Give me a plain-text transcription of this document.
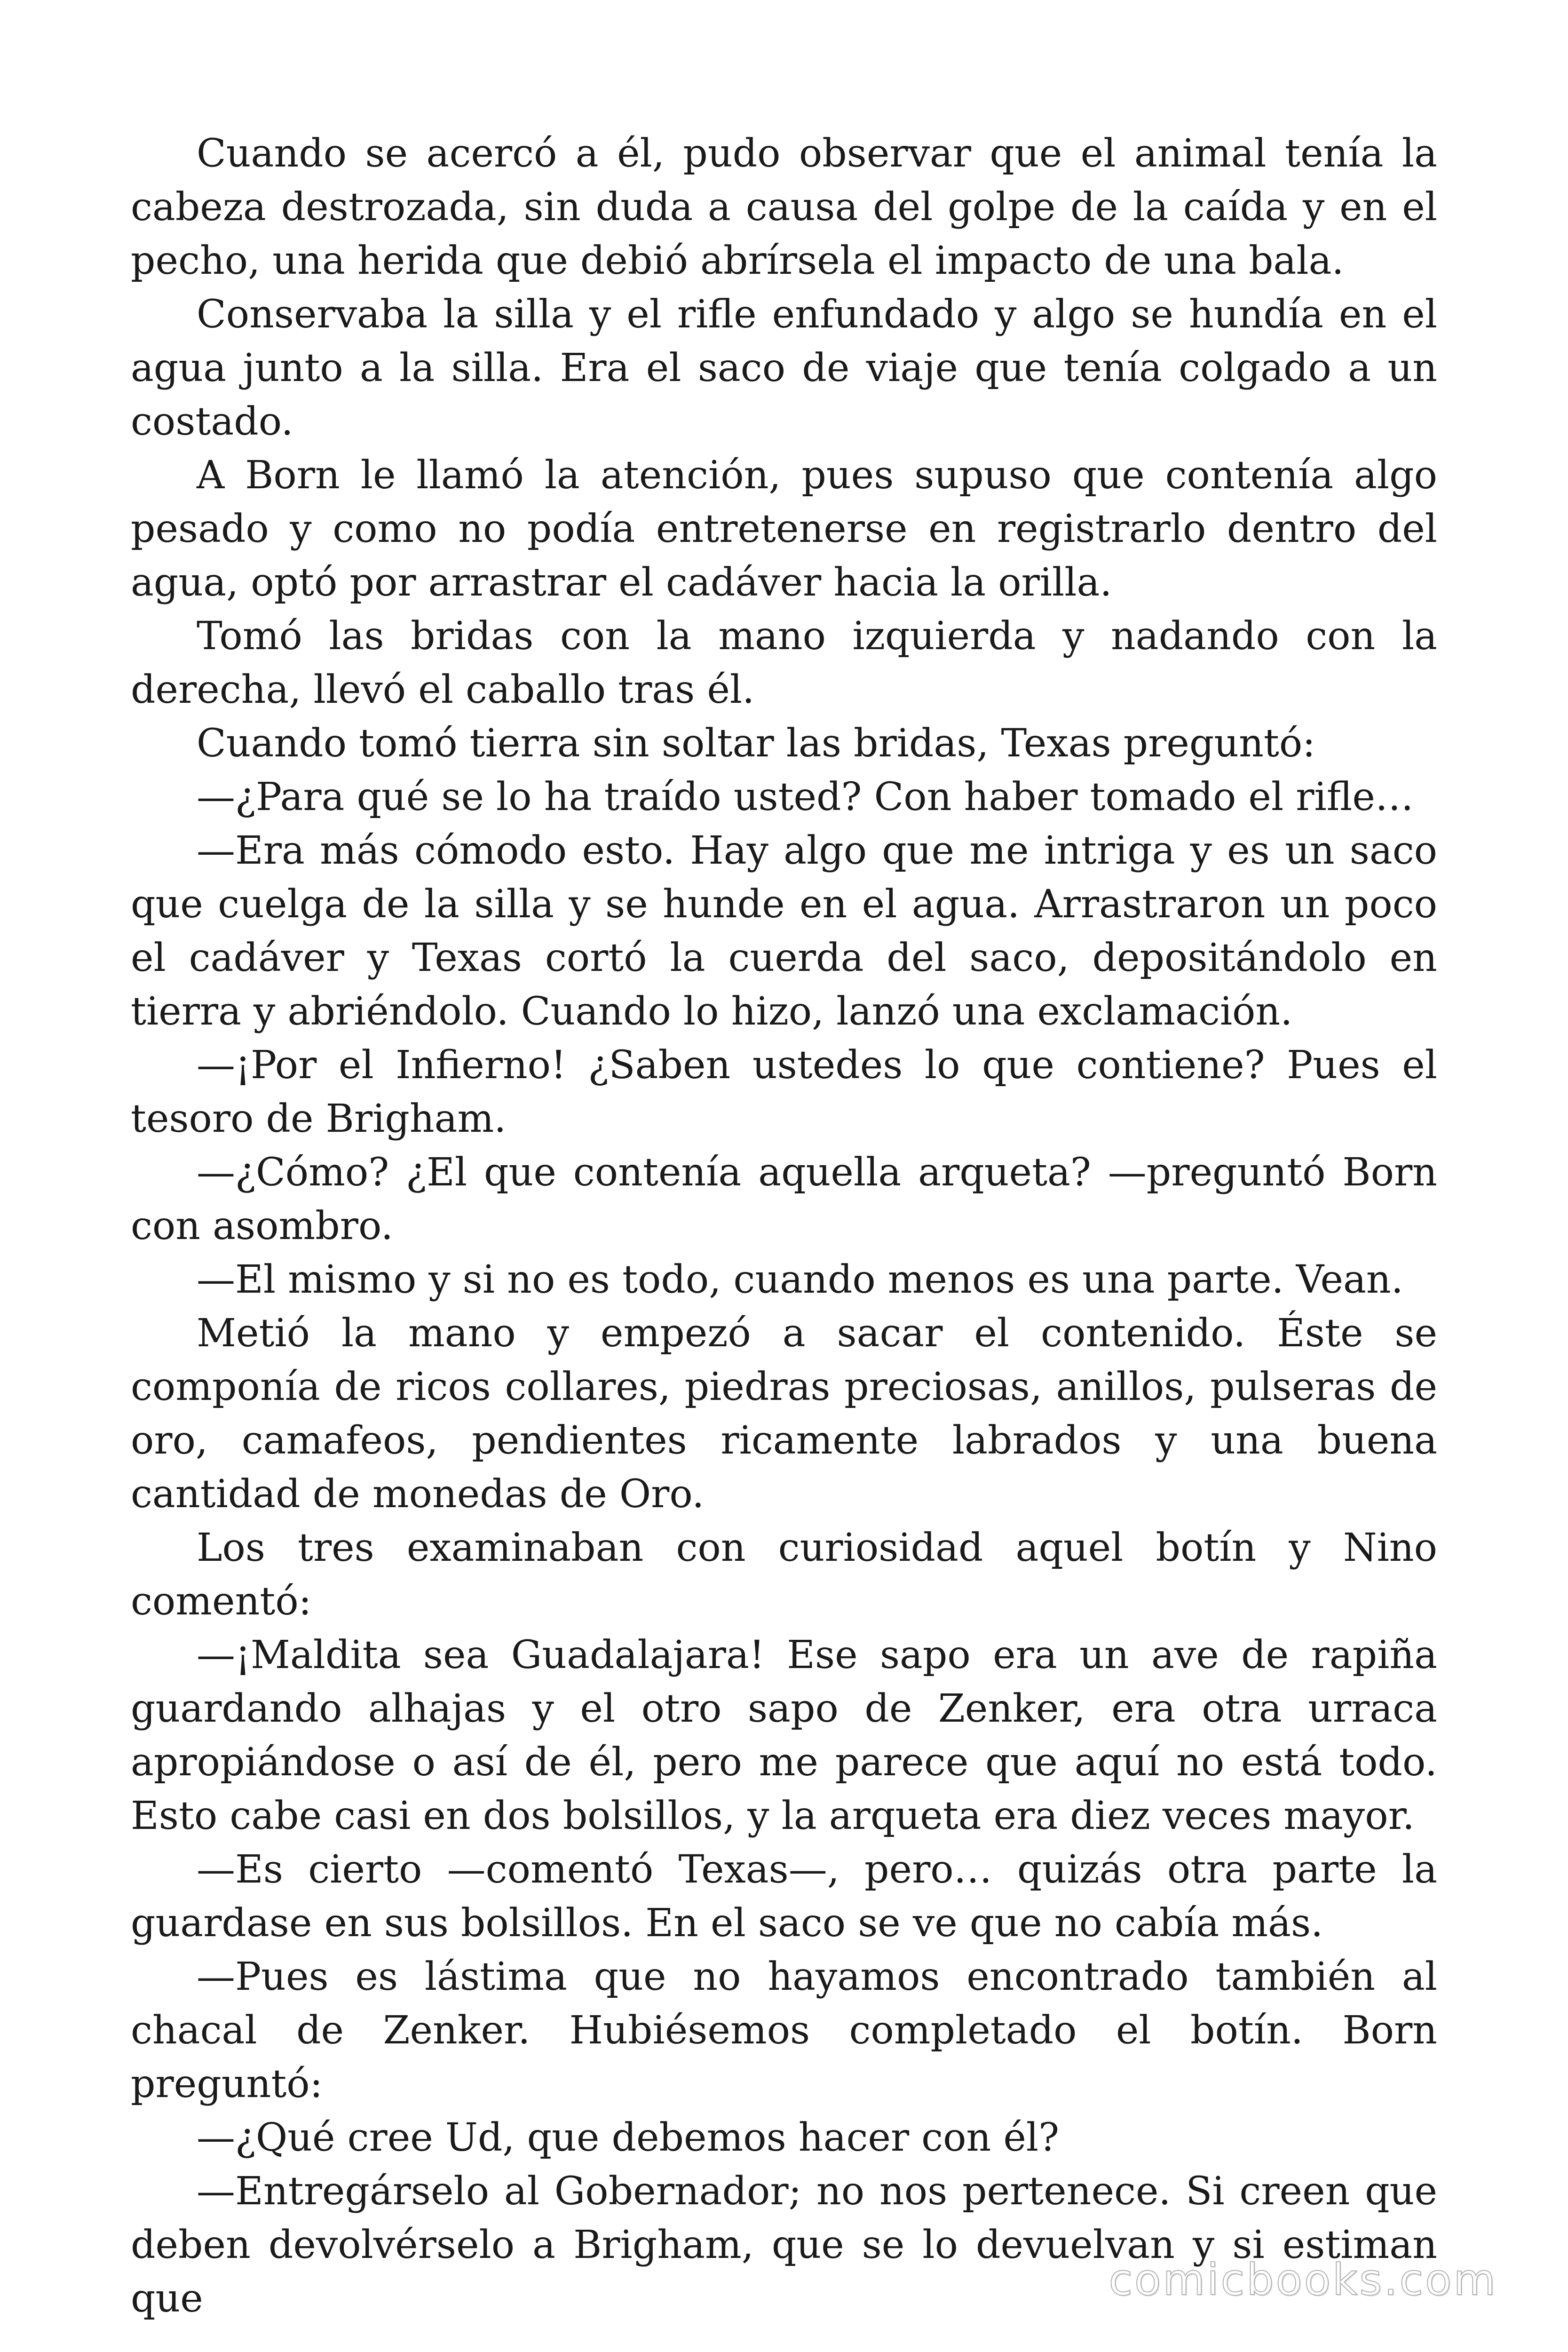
Cuando se acercó a él, pudo observar que el animal tenía la cabeza destrozada, sin duda a causa del golpe de la caída y en el pecho, una herida que debió abrírsela el impacto de una bala.

Conservaba la silla y el rifle enfundado y algo se hundía en el agua junto a la silla. Era el saco de viaje que tenía colgado a un costado.

A Born le llamó la atención, pues supuso que contenía algo pesado y como no podía entretenerse en registrarlo dentro del agua, optó por arrastrar el cadáver hacia la orilla.

Tomó las bridas con la mano izquierda y nadando con la derecha, llevó el caballo tras él.

Cuando tomó tierra sin soltar las bridas, Texas preguntó:

—¿Para qué se lo ha traído usted? Con haber tomado el rifle…

—Era más cómodo esto. Hay algo que me intriga y es un saco que cuelga de la silla y se hunde en el agua. Arrastraron un poco el cadáver y Texas cortó la cuerda del saco, depositándolo en tierra y abriéndolo. Cuando lo hizo, lanzó una exclamación.

—¡Por el Infierno! ¿Saben ustedes lo que contiene? Pues el tesoro de Brigham.

—¿Cómo? ¿El que contenía aquella arqueta? —preguntó Born con asombro.

—El mismo y si no es todo, cuando menos es una parte. Vean.

Metió la mano y empezó a sacar el contenido. Éste se componía de ricos collares, piedras preciosas, anillos, pulseras de oro, camafeos, pendientes ricamente labrados y una buena cantidad de monedas de Oro.

Los tres examinaban con curiosidad aquel botín y Nino comentó:

—¡Maldita sea Guadalajara! Ese sapo era un ave de rapiña guardando alhajas y el otro sapo de Zenker, era otra urraca apropiándose o así de él, pero me parece que aquí no está todo. Esto cabe casi en dos bolsillos, y la arqueta era diez veces mayor.

—Es cierto —comentó Texas—, pero… quizás otra parte la guardase en sus bolsillos. En el saco se ve que no cabía más.

—Pues es lástima que no hayamos encontrado también al chacal de Zenker. Hubiésemos completado el botín. Born preguntó:

—¿Qué cree Ud, que debemos hacer con él?

—Entregárselo al Gobernador; no nos pertenece. Si creen que deben devolvérselo a Brigham, que se lo devuelvan y si estiman que	comicbooks.com
